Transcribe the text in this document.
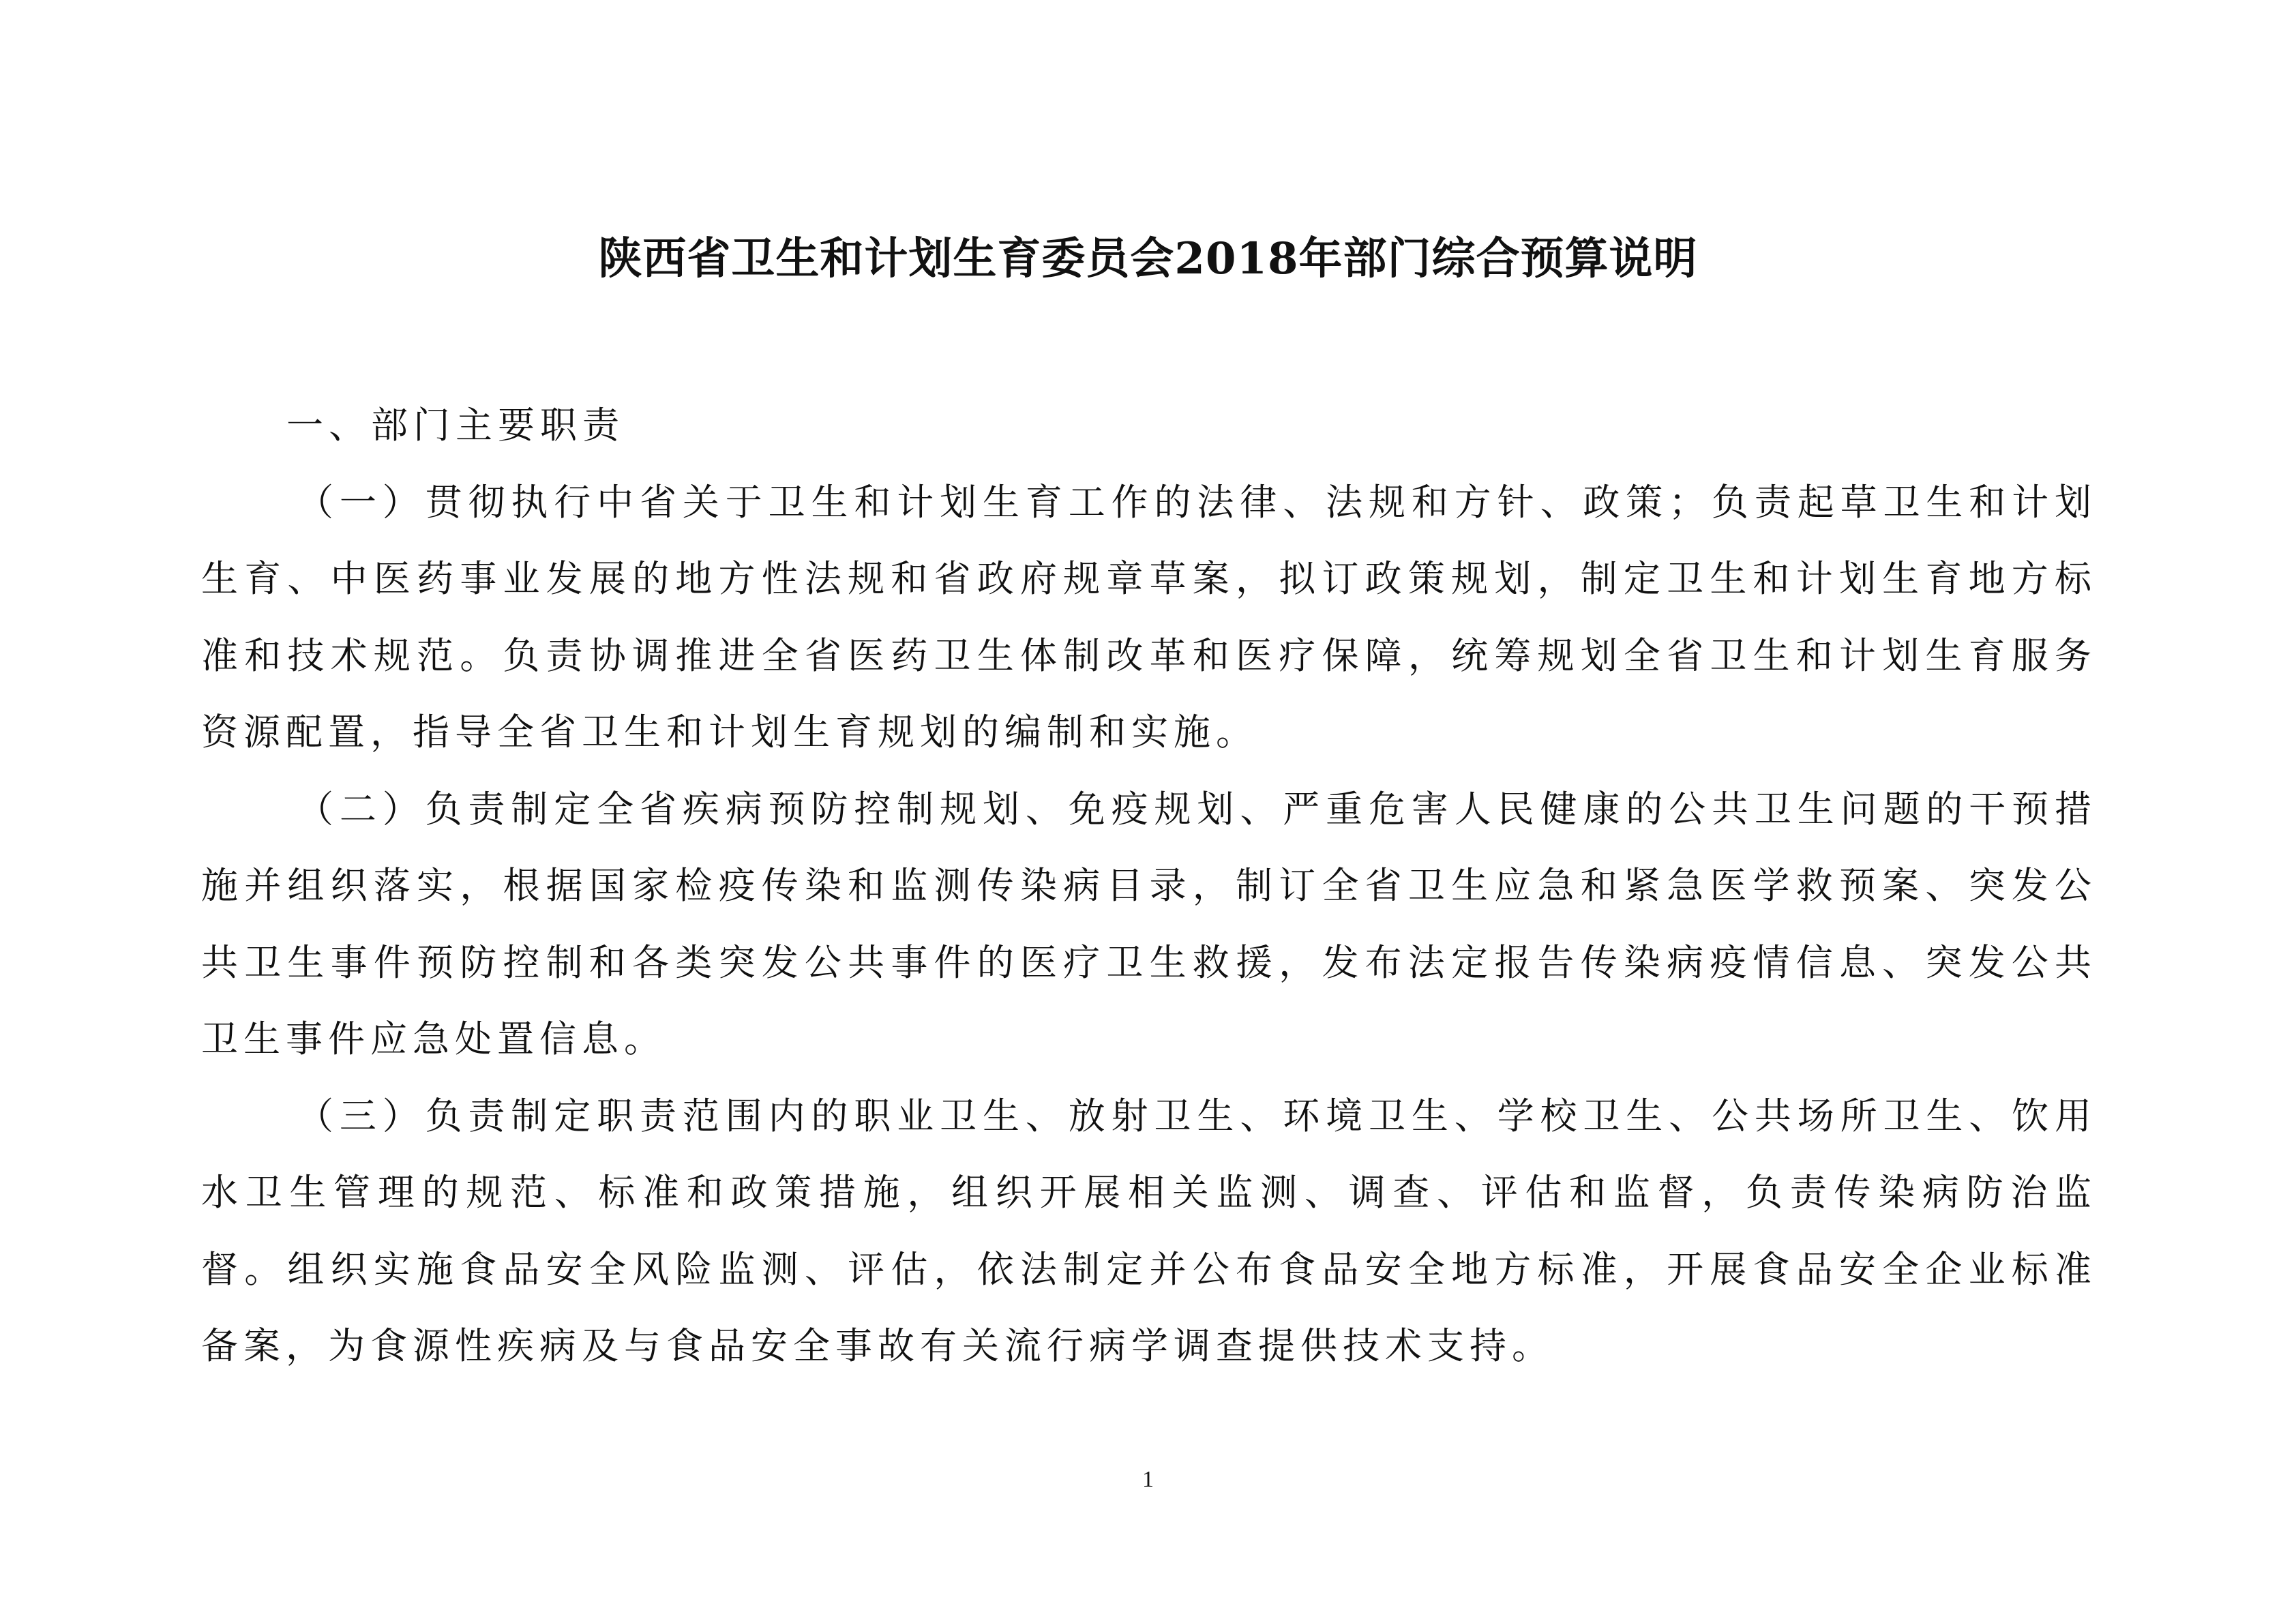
陕西省卫生和计划生育委员会2018年部门综合预算说明

一、部门主要职责

（一）贯彻执行中省关于卫生和计划生育工作的法律、法规和方针、政策；负责起草卫生和计划生育、中医药事业发展的地方性法规和省政府规章草案，拟订政策规划，制定卫生和计划生育地方标准和技术规范。负责协调推进全省医药卫生体制改革和医疗保障，统筹规划全省卫生和计划生育服务资源配置，指导全省卫生和计划生育规划的编制和实施。

（二）负责制定全省疾病预防控制规划、免疫规划、严重危害人民健康的公共卫生问题的干预措施并组织落实，根据国家检疫传染和监测传染病目录，制订全省卫生应急和紧急医学救预案、突发公共卫生事件预防控制和各类突发公共事件的医疗卫生救援，发布法定报告传染病疫情信息、突发公共卫生事件应急处置信息。

（三）负责制定职责范围内的职业卫生、放射卫生、环境卫生、学校卫生、公共场所卫生、饮用水卫生管理的规范、标准和政策措施，组织开展相关监测、调查、评估和监督，负责传染病防治监督。组织实施食品安全风险监测、评估，依法制定并公布食品安全地方标准，开展食品安全企业标准备案，为食源性疾病及与食品安全事故有关流行病学调查提供技术支持。

1
